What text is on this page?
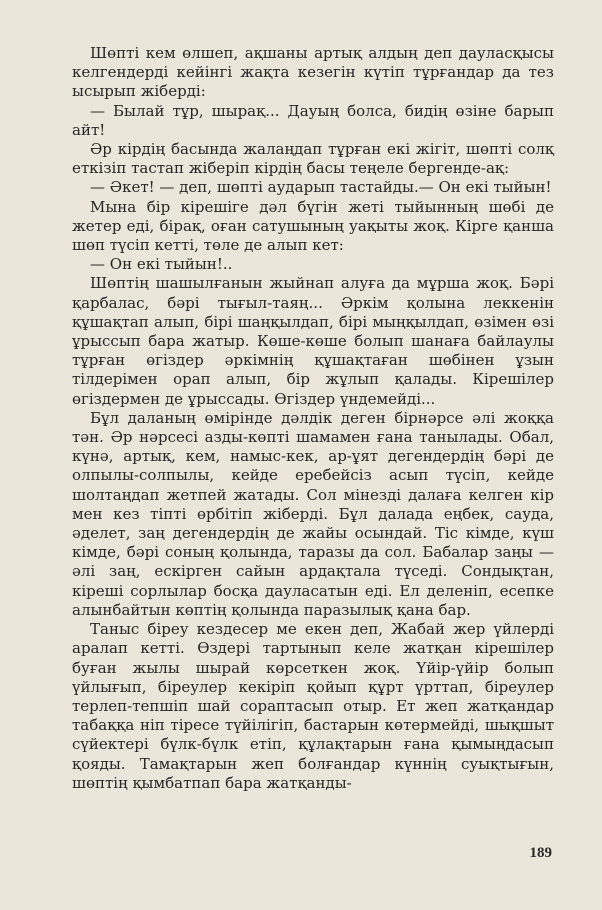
Шөпті кем өлшеп, ақшаны артық алдың деп дауласқысы келгендерді кейінгі жақта кезегін күтіп тұрғандар да тез ысырып жіберді:

— Былай тұр, шырақ... Дауың болса, бидің өзіне барып айт!

Әр кірдің басында жалаңдап тұрған екі жігіт, шөпті солқ еткізіп тастап жіберіп кірдің басы теңеле бергенде-ақ:

— Әкет! — деп, шөпті аударып тастайды.— Он екі тыйын!

Мына бір кірешіге дәл бүгін жеті тыйынның шөбі де жетер еді, бірақ, оған сатушының уақыты жоқ. Кірге қанша шөп түсіп кетті, төле де алып кет:

— Он екі тыйын!..

Шөптің шашылғанын жыйнап алуға да мұрша жоқ. Бәрі қарбалас, бәрі тығыл-таяң... Әркім қолына леккенін құшақтап алып, бірі шаңқылдап, бірі мыңқылдап, өзімен өзі ұрыссып бара жатыр. Көше-көше болып шанаға байлаулы тұрған өгіздер әркімнің құшақтаған шөбінен ұзын тілдерімен орап алып, бір жұлып қалады. Кірешілер өгіздермен де ұрыссады. Өгіздер үндемейді...

Бұл даланың өмірінде дәлдік деген бірнәрсе әлі жоққа тән. Әр нәрсесі азды-көпті шамамен ғана танылады. Обал, күнә, артық, кем, намыс-кек, ар-ұят дегендердің бәрі де олпылы-солпылы, кейде еребейсіз асып түсіп, кейде шолтаңдап жетпей жатады. Сол мінезді далаға келген кір мен кез тіпті өрбітіп жіберді. Бұл далада еңбек, сауда, әделет, заң дегендердің де жайы осындай. Тіс кімде, күш кімде, бәрі соның қолында, таразы да сол. Бабалар заңы — әлі заң, ескірген сайын ардақтала түседі. Сондықтан, кіреші сорлылар босқа дауласатын еді. Ел деленіп, есепке алынбайтын көптің қолында паразылық қана бар.

Таныс біреу кездесер ме екен деп, Жабай жер үйлерді аралап кетті. Өздері тартынып келе жатқан кірешілер буған жылы шырай көрсеткен жоқ. Үйір-үйір болып үйлығып, біреулер кекіріп қойып құрт үрттап, біреулер терлеп-тепшіп шай сораптасып отыр. Ет жеп жатқандар табаққа ніп тіресе түйілігіп, бастарын көтермейді, шықшыт сүйектері бүлк-бүлк етіп, құлақтарын ғана қымыңдасып қояды. Тамақтарын жеп болғандар күннің суықтығын, шөптің қымбатпап бара жатқанды-

189
